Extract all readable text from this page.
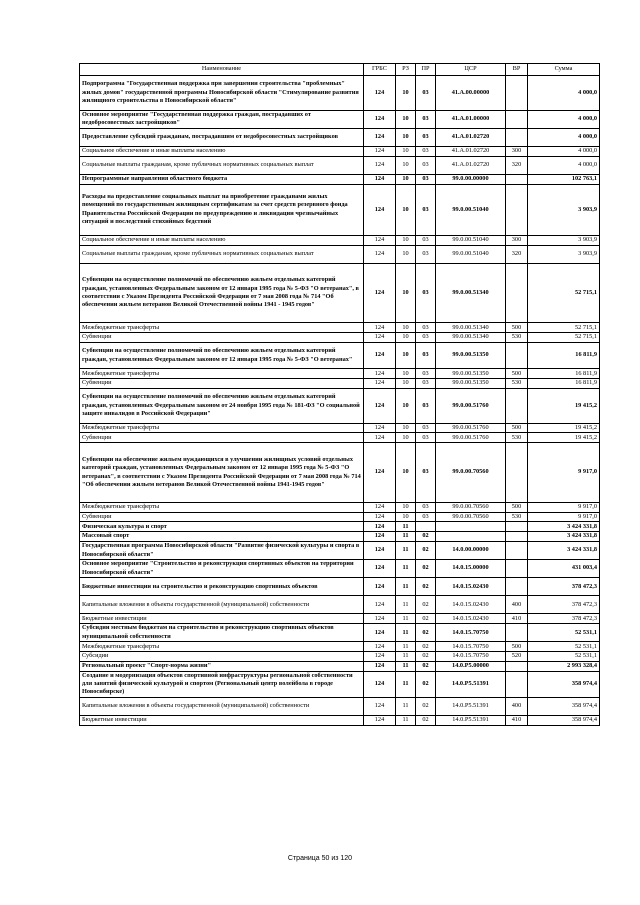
Наименование	ГРБС	РЗ	ПР	ЦСР	ВР	Сумма
Подпрограмма "Государственная поддержка при завершении строительства "проблемных" жилых домов" государственной программы Новосибирской области "Стимулирование развития жилищного строительства в Новосибирской области"	124	10	03	41.А.00.00000		4 000,0
Основное мероприятие "Государственная поддержка граждан, пострадавших от недобросовестных застройщиков"	124	10	03	41.А.01.00000		4 000,0
Предоставление субсидий гражданам, пострадавшим от недобросовестных застройщиков	124	10	03	41.А.01.02720		4 000,0
Социальное обеспечение и иные выплаты населению	124	10	03	41.А.01.02720	300	4 000,0
Социальные выплаты гражданам, кроме публичных нормативных социальных выплат	124	10	03	41.А.01.02720	320	4 000,0
Непрограммные направления областного бюджета	124	10	03	99.0.00.00000		102 763,1
Расходы на предоставление социальных выплат на приобретение гражданами жилых помещений по государственным жилищным сертификатам за счет средств резервного фонда Правительства Российской Федерации по предупреждению и ликвидации чрезвычайных ситуаций и последствий стихийных бедствий	124	10	03	99.0.00.51040		3 903,9
Социальное обеспечение и иные выплаты населению	124	10	03	99.0.00.51040	300	3 903,9
Социальные выплаты гражданам, кроме публичных нормативных социальных выплат	124	10	03	99.0.00.51040	320	3 903,9
Субвенции на осуществление полномочий по обеспечению жильем отдельных категорий граждан, установленных Федеральным законом от 12 января 1995 года № 5-ФЗ "О ветеранах", в соответствии с Указом Президента Российской Федерации от 7 мая 2008 года № 714 "Об обеспечении жильем ветеранов Великой Отечественной войны 1941 - 1945 годов"	124	10	03	99.0.00.51340		52 715,1
Межбюджетные трансферты	124	10	03	99.0.00.51340	500	52 715,1
Субвенции	124	10	03	99.0.00.51340	530	52 715,1
Субвенции на осуществление полномочий по обеспечению жильем отдельных категорий граждан, установленных Федеральным законом от 12 января 1995 года № 5-ФЗ "О ветеранах"	124	10	03	99.0.00.51350		16 811,9
Межбюджетные трансферты	124	10	03	99.0.00.51350	500	16 811,9
Субвенции	124	10	03	99.0.00.51350	530	16 811,9
Субвенции на осуществление полномочий по обеспечению жильем отдельных категорий граждан, установленных Федеральным законом от 24 ноября 1995 года № 181-ФЗ "О социальной защите инвалидов в Российской Федерации"	124	10	03	99.0.00.51760		19 415,2
Межбюджетные трансферты	124	10	03	99.0.00.51760	500	19 415,2
Субвенции	124	10	03	99.0.00.51760	530	19 415,2
Субвенции на обеспечение жильем нуждающихся в улучшении жилищных условий отдельных категорий граждан, установленных Федеральным законом от 12 января 1995 года № 5-ФЗ "О ветеранах", в соответствии с Указом Президента Российской Федерации от 7 мая 2008 года № 714 "Об обеспечении жильем ветеранов Великой Отечественной войны 1941-1945 годов"	124	10	03	99.0.00.70560		9 917,0
Межбюджетные трансферты	124	10	03	99.0.00.70560	500	9 917,0
Субвенции	124	10	03	99.0.00.70560	530	9 917,0
Физическая культура и спорт	124	11				3 424 331,8
Массовый спорт	124	11	02			3 424 331,8
Государственная программа Новосибирской области "Развитие физической культуры и спорта в Новосибирской области"	124	11	02	14.0.00.00000		3 424 331,8
Основное мероприятие "Строительство и реконструкция спортивных объектов на территории Новосибирской области"	124	11	02	14.0.15.00000		431 003,4
Бюджетные инвестиции на строительство и реконструкцию спортивных объектов	124	11	02	14.0.15.02430		378 472,3
Капитальные вложения в объекты государственной (муниципальной) собственности	124	11	02	14.0.15.02430	400	378 472,3
Бюджетные инвестиции	124	11	02	14.0.15.02430	410	378 472,3
Субсидии местным бюджетам на строительство и реконструкцию спортивных объектов муниципальной собственности	124	11	02	14.0.15.70750		52 531,1
Межбюджетные трансферты	124	11	02	14.0.15.70750	500	52 531,1
Субсидии	124	11	02	14.0.15.70750	520	52 531,1
Региональный проект "Спорт-норма жизни"	124	11	02	14.0.P5.00000		2 993 328,4
Создание и модернизация объектов спортивной инфраструктуры региональной собственности для занятий физической культурой и спортом (Региональный центр волейбола в городе Новосибирске)	124	11	02	14.0.P5.51391		358 974,4
Капитальные вложения в объекты государственной (муниципальной) собственности	124	11	02	14.0.P5.51391	400	358 974,4
Бюджетные инвестиции	124	11	02	14.0.P5.51391	410	358 974,4
Страница 50 из 120
